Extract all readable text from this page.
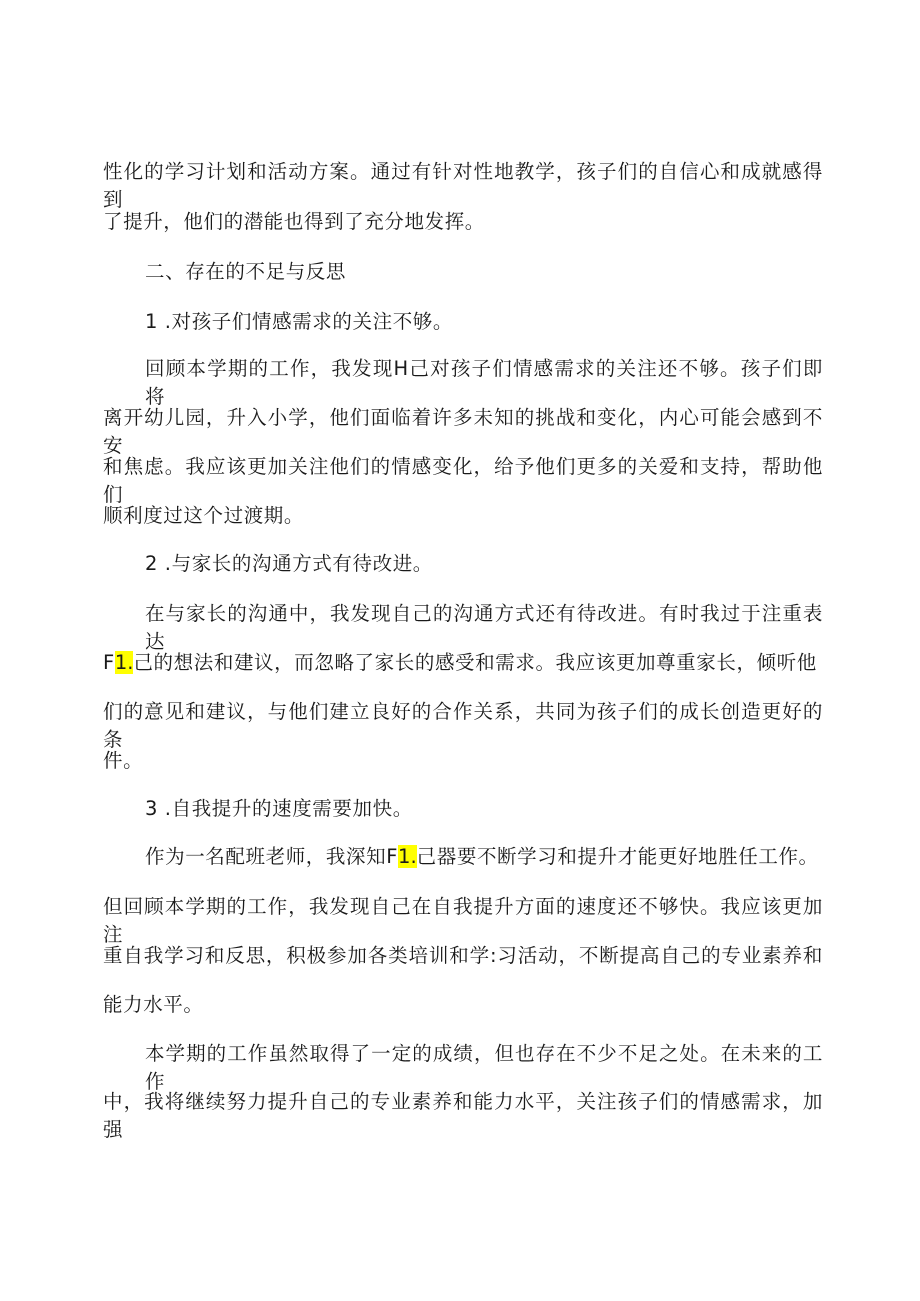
性化的学习计划和活动方案。通过有针对性地教学，孩子们的自信心和成就感得到
了提升，他们的潜能也得到了充分地发挥。
二、存在的不足与反思
1 .对孩子们情感需求的关注不够。
回顾本学期的工作，我发现H己对孩子们情感需求的关注还不够。孩子们即将
离开幼儿园，升入小学，他们面临着许多未知的挑战和变化，内心可能会感到不安
和焦虑。我应该更加关注他们的情感变化，给予他们更多的关爱和支持，帮助他们
顺利度过这个过渡期。
2 .与家长的沟通方式有待改进。
在与家长的沟通中，我发现自己的沟通方式还有待改进。有时我过于注重表达
F1.己的想法和建议，而忽略了家长的感受和需求。我应该更加尊重家长，倾听他
们的意见和建议，与他们建立良好的合作关系，共同为孩子们的成长创造更好的条
件。
3 .自我提升的速度需要加快。
作为一名配班老师，我深知F1.己器要不断学习和提升才能更好地胜任工作。
但回顾本学期的工作，我发现自己在自我提升方面的速度还不够快。我应该更加注
重自我学习和反思，积极参加各类培训和学:习活动，不断提高自己的专业素养和
能力水平。
本学期的工作虽然取得了一定的成绩，但也存在不少不足之处。在未来的工作
中，我将继续努力提升自己的专业素养和能力水平，关注孩子们的情感需求，加强
